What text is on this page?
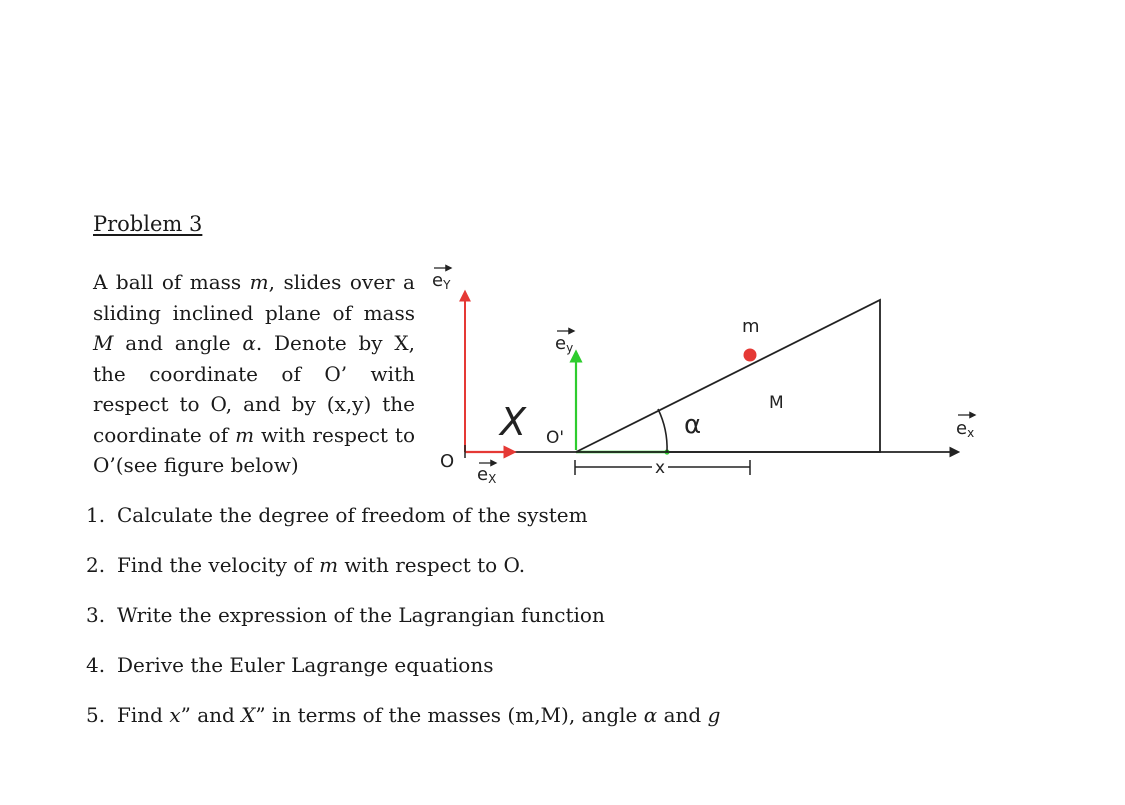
Problem 3

A ball of mass m, slides over a sliding inclined plane of mass M and angle α. Denote by X, the coordinate of O’ with respect to O, and by (x,y) the coordinate of m with respect to O’(see figure below)

eY
ey
ex
eX
O
O'
X	α
m
M
x
1. Calculate the degree of freedom of the system
2. Find the velocity of m with respect to O.
3. Write the expression of the Lagrangian function
4. Derive the Euler Lagrange equations
5. Find x” and X” in terms of the masses (m,M), angle α and g
